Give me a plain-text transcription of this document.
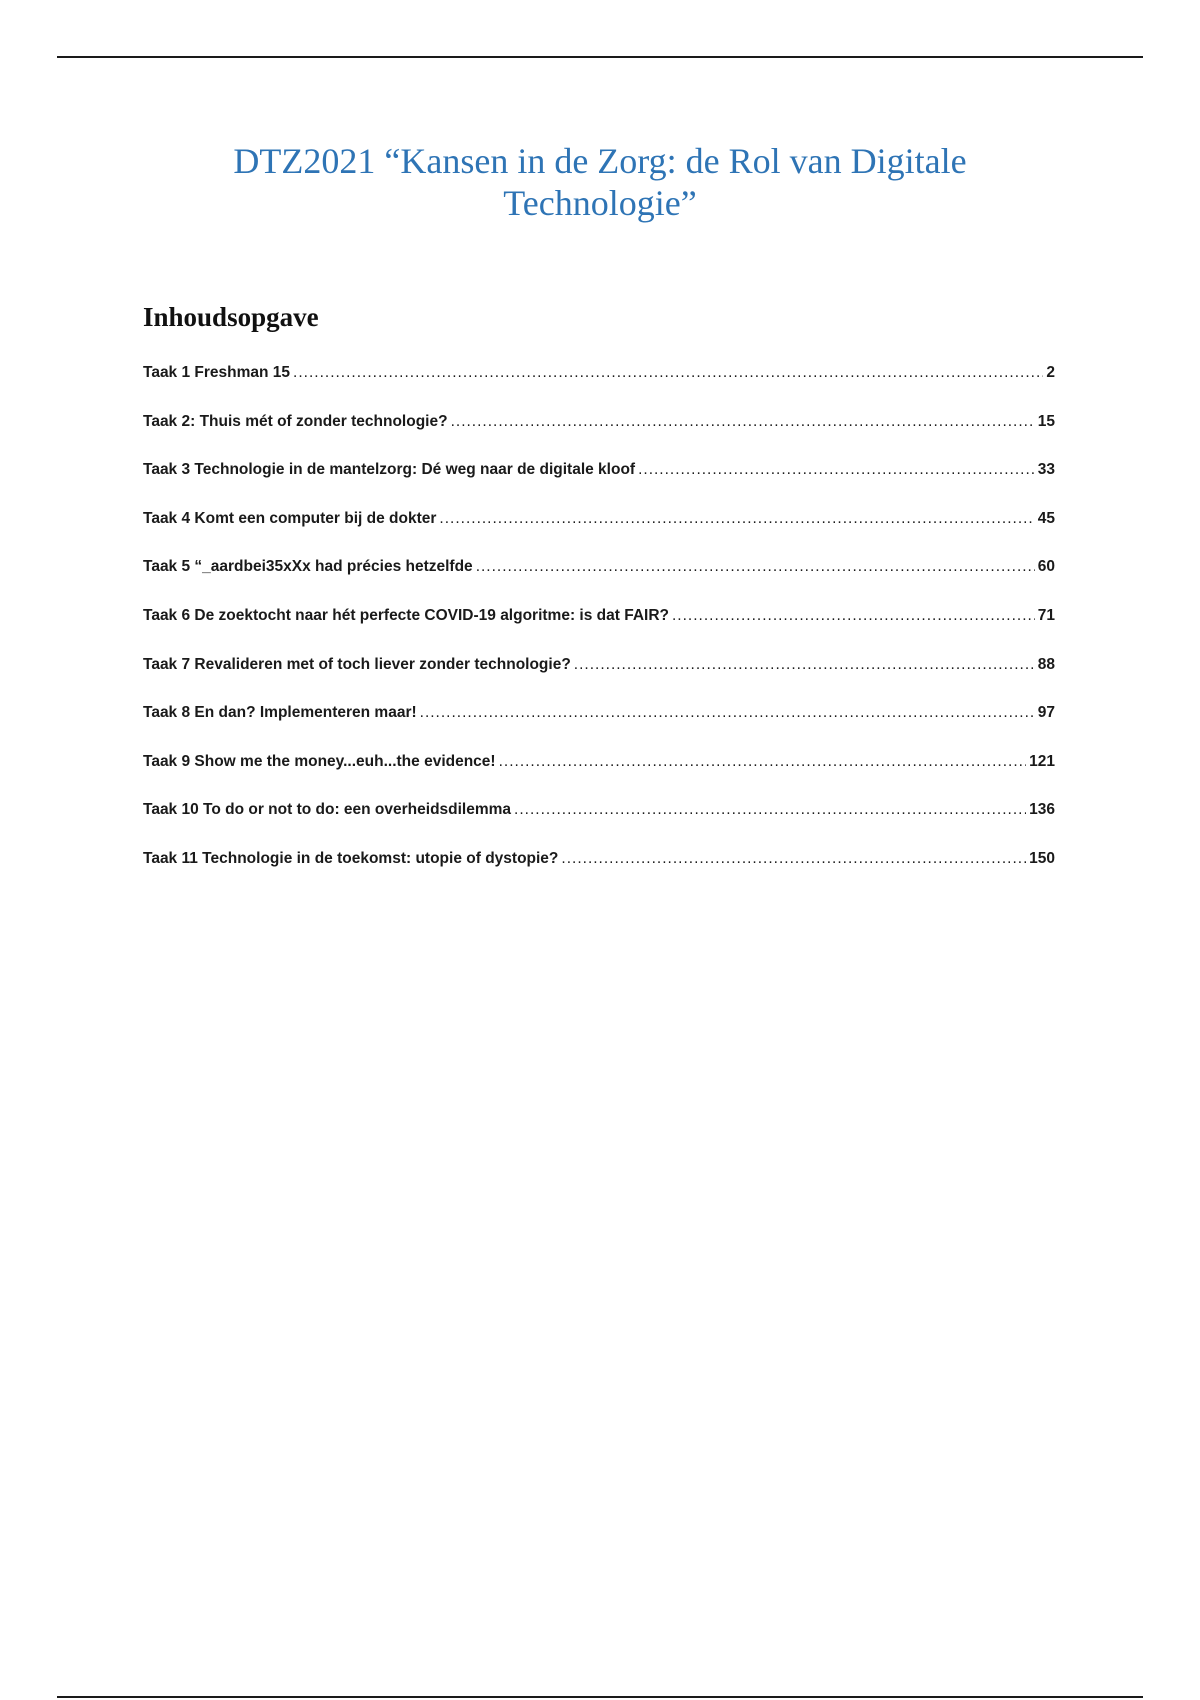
DTZ2021 “Kansen in de Zorg: de Rol van Digitale Technologie”
Inhoudsopgave
Taak 1 Freshman 15 .....	2
Taak 2: Thuis mét of zonder technologie? .....	15
Taak 3 Technologie in de mantelzorg: Dé weg naar de digitale kloof .....	33
Taak 4 Komt een computer bij de dokter .....	45
Taak 5 “_aardbei35xXx had précies hetzelfde .....	60
Taak 6 De zoektocht naar hét perfecte COVID-19 algoritme: is dat FAIR? .....	71
Taak 7 Revalideren met of toch liever zonder technologie? .....	88
Taak 8 En dan? Implementeren maar! .....	97
Taak 9 Show me the money...euh...the evidence! .....	121
Taak 10 To do or not to do: een overheidsdilemma .....	136
Taak 11 Technologie in de toekomst: utopie of dystopie? .....	150
